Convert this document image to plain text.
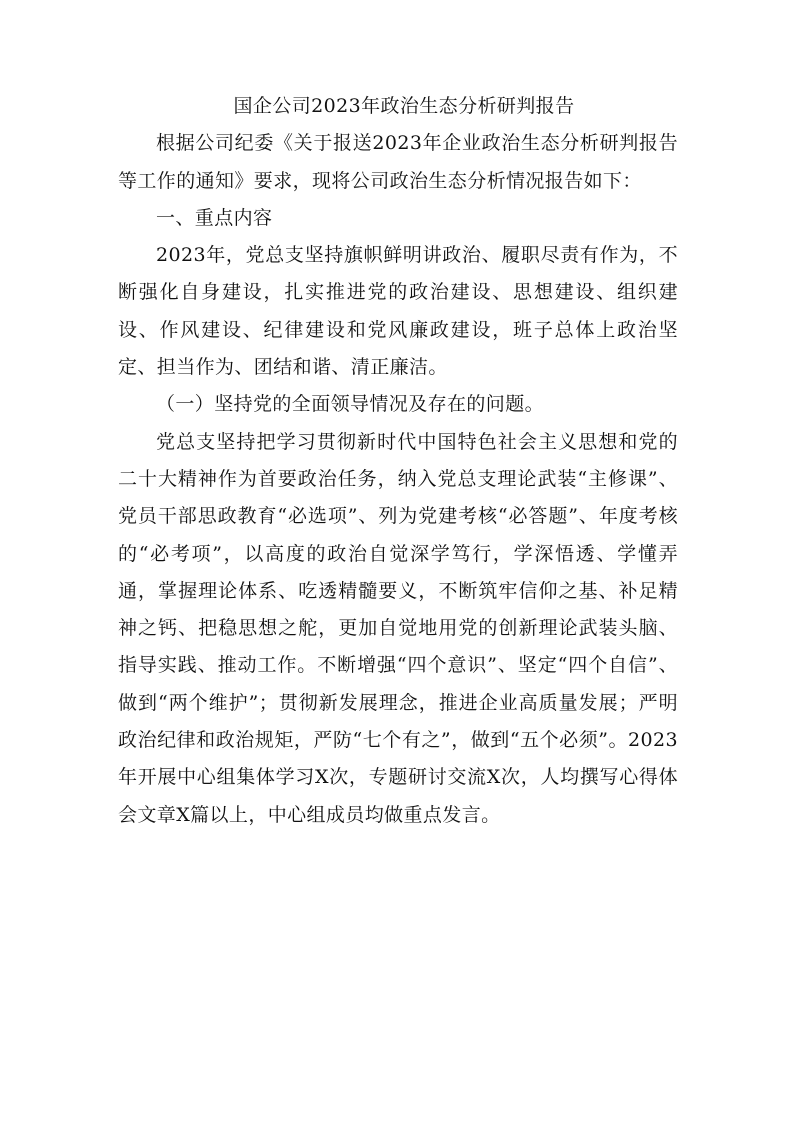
国企公司2023年政治生态分析研判报告

根据公司纪委《关于报送2023年企业政治生态分析研判报告等工作的通知》要求，现将公司政治生态分析情况报告如下：

一、重点内容

2023年，党总支坚持旗帜鲜明讲政治、履职尽责有作为，不断强化自身建设，扎实推进党的政治建设、思想建设、组织建设、作风建设、纪律建设和党风廉政建设，班子总体上政治坚定、担当作为、团结和谐、清正廉洁。

（一）坚持党的全面领导情况及存在的问题。

党总支坚持把学习贯彻新时代中国特色社会主义思想和党的二十大精神作为首要政治任务，纳入党总支理论武装“主修课”、党员干部思政教育“必选项”、列为党建考核“必答题”、年度考核的“必考项”，以高度的政治自觉深学笃行，学深悟透、学懂弄通，掌握理论体系、吃透精髓要义，不断筑牢信仰之基、补足精神之钙、把稳思想之舵，更加自觉地用党的创新理论武装头脑、指导实践、推动工作。不断增强“四个意识”、坚定“四个自信”、做到“两个维护”；贯彻新发展理念，推进企业高质量发展；严明政治纪律和政治规矩，严防“七个有之”，做到“五个必须”。2023年开展中心组集体学习X次，专题研讨交流X次，人均撰写心得体会文章X篇以上，中心组成员均做重点发言。
